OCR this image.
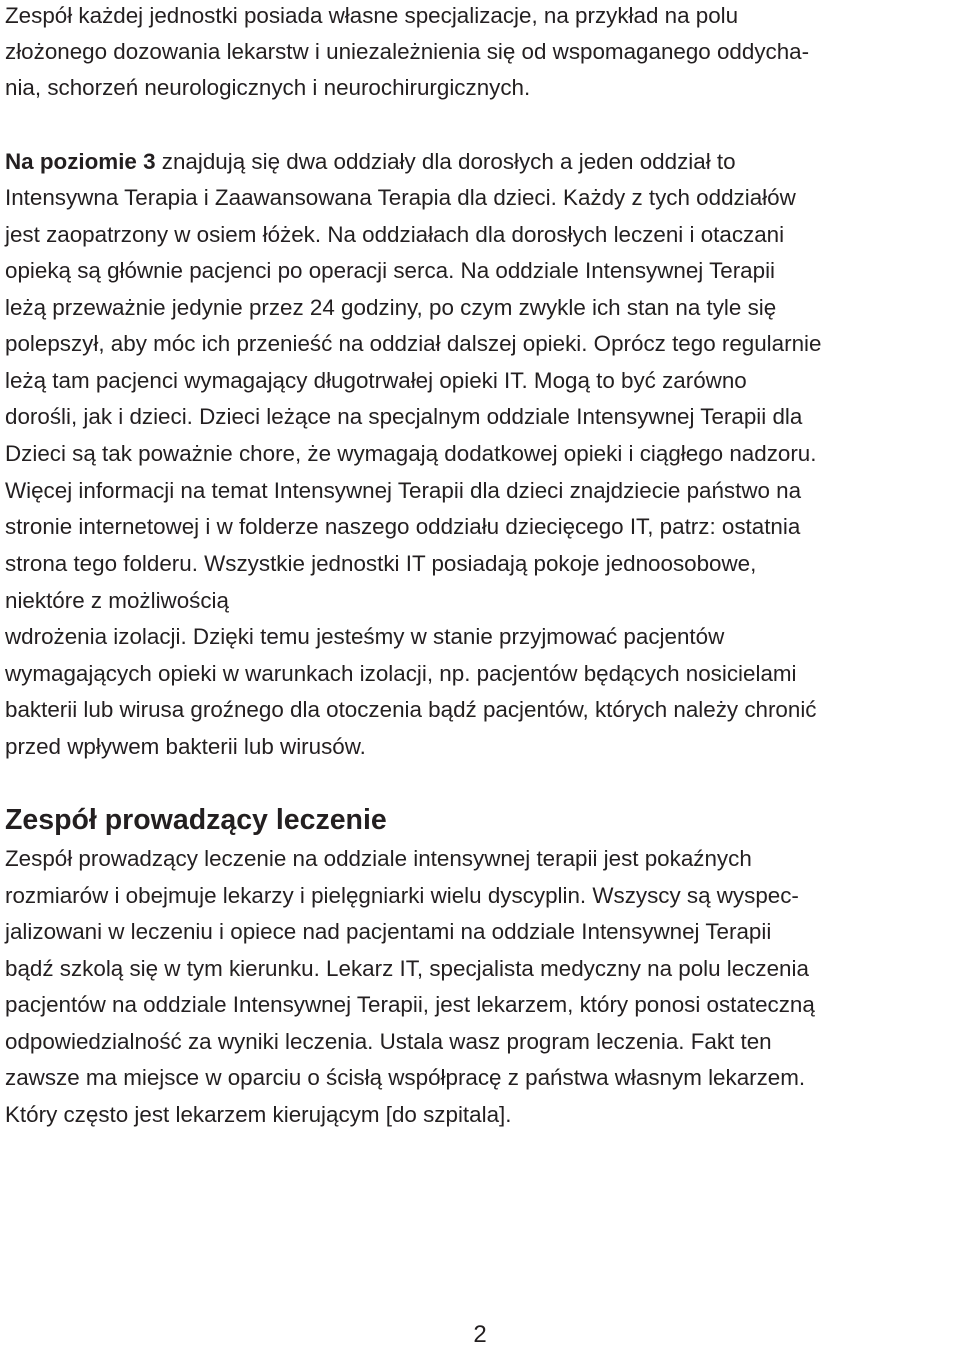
Zespół każdej jednostki posiada własne specjalizacje, na przykład na polu
złożonego dozowania lekarstw i uniezależnienia się od wspomaganego oddycha-
nia, schorzeń neurologicznych i neurochirurgicznych.
Na poziomie 3 znajdują się dwa oddziały dla dorosłych a jeden oddział to
Intensywna Terapia i Zaawansowana Terapia dla dzieci. Każdy z tych oddziałów
jest zaopatrzony w osiem łóżek. Na oddziałach dla dorosłych leczeni i otaczani
opieką są głównie pacjenci po operacji serca. Na oddziale Intensywnej Terapii
leżą przeważnie jedynie przez 24 godziny, po czym zwykle ich stan na tyle się
polepszył, aby móc ich przenieść na oddział dalszej opieki. Oprócz tego regularnie
leżą tam pacjenci wymagający długotrwałej opieki IT. Mogą to być zarówno
dorośli, jak i dzieci. Dzieci leżące na specjalnym oddziale Intensywnej Terapii dla
Dzieci są tak poważnie chore, że wymagają dodatkowej opieki i ciągłego nadzoru.
Więcej informacji na temat Intensywnej Terapii dla dzieci znajdziecie państwo na
stronie internetowej i w folderze naszego oddziału dziecięcego IT, patrz: ostatnia
strona tego folderu. Wszystkie jednostki IT posiadają pokoje jednoosobowe,
niektóre z możliwością
wdrożenia izolacji. Dzięki temu jesteśmy w stanie przyjmować pacjentów
wymagających opieki w warunkach izolacji, np. pacjentów będących nosicielami
bakterii lub wirusa groźnego dla otoczenia bądź pacjentów, których należy chronić
przed wpływem bakterii lub wirusów.
Zespół prowadzący leczenie
Zespół prowadzący leczenie na oddziale intensywnej terapii jest pokaźnych
rozmiarów i obejmuje lekarzy i pielęgniarki wielu dyscyplin. Wszyscy są wyspec-
jalizowani w leczeniu i opiece nad pacjentami na oddziale Intensywnej Terapii
bądź szkolą się w tym kierunku. Lekarz IT, specjalista medyczny na polu leczenia
pacjentów na oddziale Intensywnej Terapii, jest lekarzem, który ponosi ostateczną
odpowiedzialność za wyniki leczenia. Ustala wasz program leczenia. Fakt ten
zawsze ma miejsce w oparciu o ścisłą współpracę z państwa własnym lekarzem.
Który często jest lekarzem kierującym [do szpitala].
2
